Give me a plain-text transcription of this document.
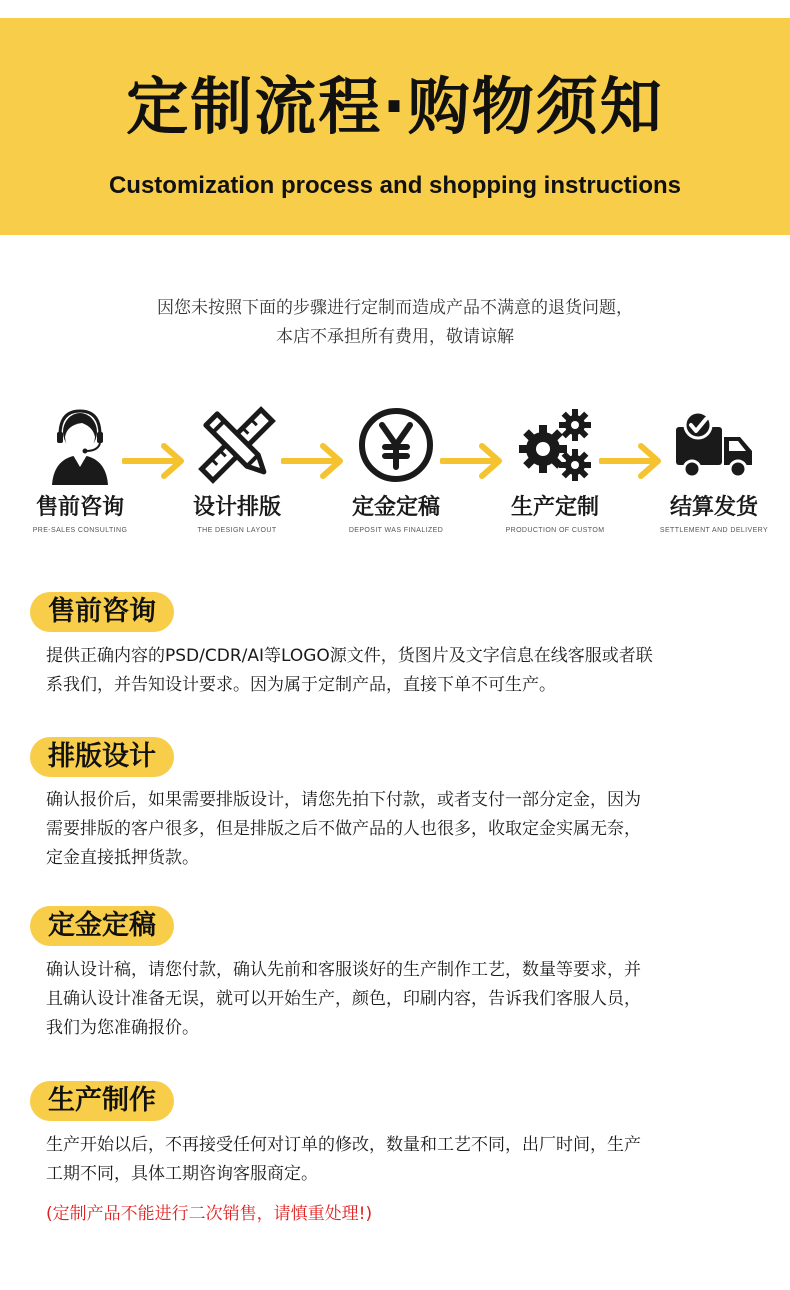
定制流程·购物须知
Customization process and shopping instructions
因您未按照下面的步骤进行定制而造成产品不满意的退货问题，
本店不承担所有费用，敬请谅解
售前咨询
PRE-SALES CONSULTING
设计排版
THE DESIGN LAYOUT
定金定稿
DEPOSIT WAS FINALIZED
生产定制
PRODUCTION OF CUSTOM
结算发货
SETTLEMENT AND DELIVERY
售前咨询
提供正确内容的PSD/CDR/AI等LOGO源文件，货图片及文字信息在线客服或者联
系我们，并告知设计要求。因为属于定制产品，直接下单不可生产。
排版设计
确认报价后，如果需要排版设计，请您先拍下付款，或者支付一部分定金，因为
需要排版的客户很多，但是排版之后不做产品的人也很多，收取定金实属无奈，
定金直接抵押货款。
定金定稿
确认设计稿，请您付款，确认先前和客服谈好的生产制作工艺，数量等要求，并
且确认设计准备无误，就可以开始生产，颜色，印刷内容，告诉我们客服人员，
我们为您准确报价。
生产制作
生产开始以后，不再接受任何对订单的修改，数量和工艺不同，出厂时间，生产
工期不同，具体工期咨询客服商定。
(定制产品不能进行二次销售，请慎重处理!)
